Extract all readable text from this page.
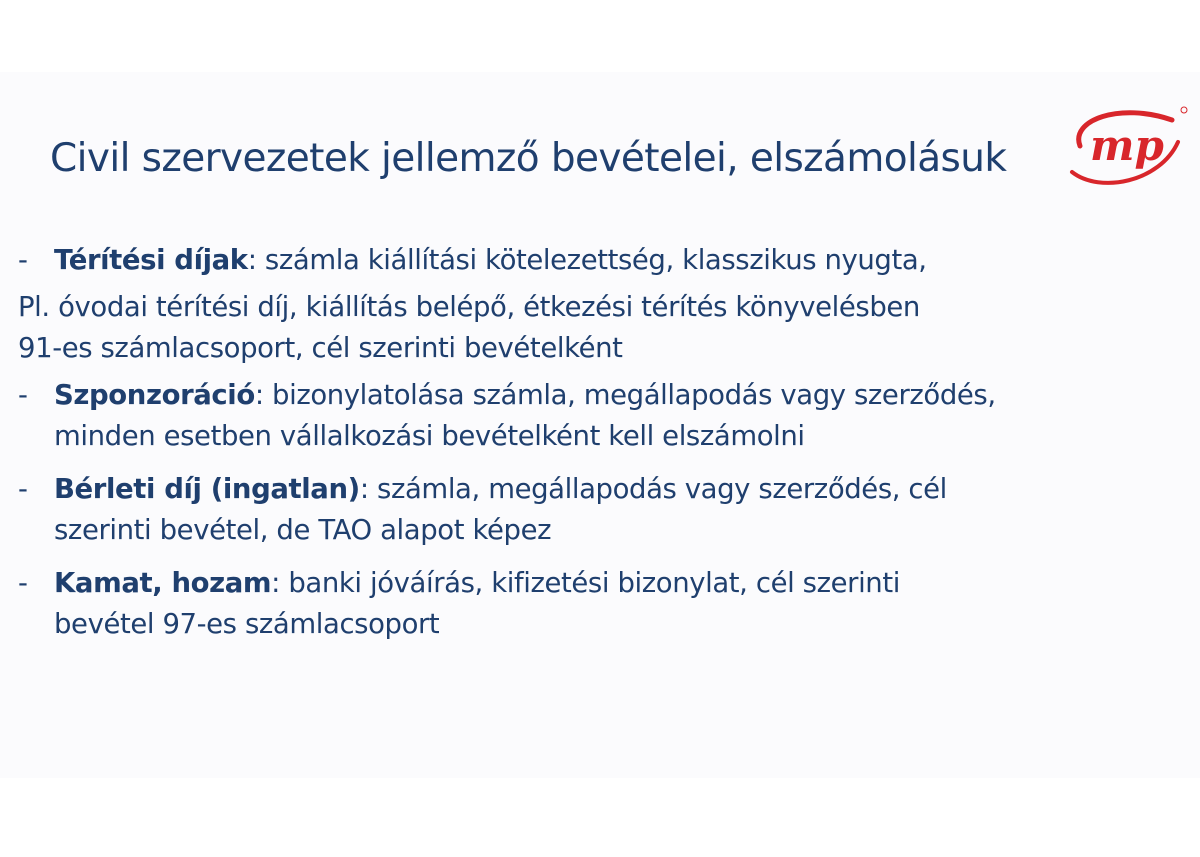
Civil szervezetek jellemző bevételei, elszámolásuk mp
- Térítési díjak: számla kiállítási kötelezettség, klasszikus nyugta,
Pl. óvodai térítési díj, kiállítás belépő, étkezési térítés könyvelésben
91-es számlacsoport, cél szerinti bevételként
- Szponzoráció: bizonylatolása számla, megállapodás vagy szerződés,
minden esetben vállalkozási bevételként kell elszámolni
- Bérleti díj (ingatlan): számla, megállapodás vagy szerződés, cél
szerinti bevétel, de TAO alapot képez
- Kamat, hozam: banki jóváírás, kifizetési bizonylat, cél szerinti
bevétel 97-es számlacsoport
